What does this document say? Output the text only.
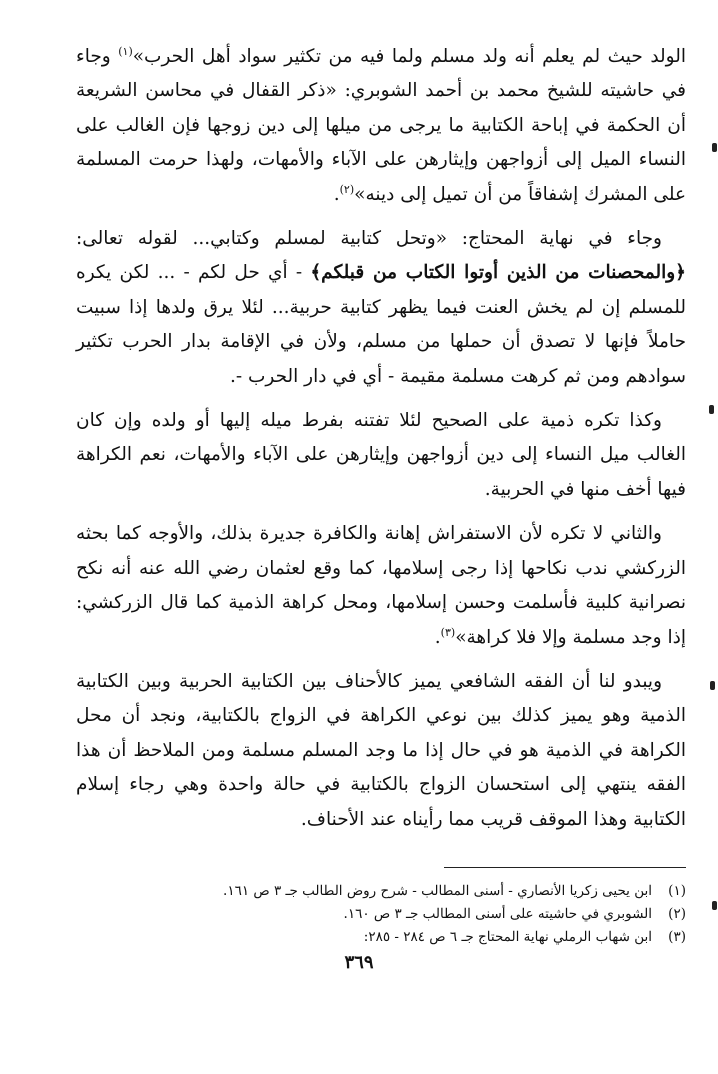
الولد حيث لم يعلم أنه ولد مسلم ولما فيه من تكثير سواد أهل الحرب»$^{(١)}$ وجاء في حاشيته للشيخ محمد بن أحمد الشوبري: «ذكر القفال في محاسن الشريعة أن الحكمة في إباحة الكتابية ما يرجى من ميلها إلى دين زوجها فإن الغالب على النساء الميل إلى أزواجهن وإيثارهن على الآباء والأمهات، ولهذا حرمت المسلمة على المشرك إشفاقاً من أن تميل إلى دينه»$^{(٢)}$.

وجاء في نهاية المحتاج: «وتحل كتابية لمسلم وكتابي... لقوله تعالى: ﴿والمحصنات من الذين أوتوا الكتاب من قبلكم﴾ - أي حل لكم - ... لكن يكره للمسلم إن لم يخش العنت فيما يظهر كتابية حربية... لئلا يرق ولدها إذا سبيت حاملاً فإنها لا تصدق أن حملها من مسلم، ولأن في الإقامة بدار الحرب تكثير سوادهم ومن ثم كرهت مسلمة مقيمة - أي في دار الحرب -.

وكذا تكره ذمية على الصحيح لئلا تفتنه بفرط ميله إليها أو ولده وإن كان الغالب ميل النساء إلى دين أزواجهن وإيثارهن على الآباء والأمهات، نعم الكراهة فيها أخف منها في الحربية.

والثاني لا تكره لأن الاستفراش إهانة والكافرة جديرة بذلك، والأوجه كما بحثه الزركشي ندب نكاحها إذا رجى إسلامها، كما وقع لعثمان رضي الله عنه أنه نكح نصرانية كلبية فأسلمت وحسن إسلامها، ومحل كراهة الذمية كما قال الزركشي: إذا وجد مسلمة وإلا فلا كراهة»$^{(٣)}$.

ويبدو لنا أن الفقه الشافعي يميز كالأحناف بين الكتابية الحربية وبين الكتابية الذمية وهو يميز كذلك بين نوعي الكراهة في الزواج بالكتابية، ونجد أن محل الكراهة في الذمية هو في حال إذا ما وجد المسلم مسلمة ومن الملاحظ أن هذا الفقه ينتهي إلى استحسان الزواج بالكتابية في حالة واحدة وهي رجاء إسلام الكتابية وهذا الموقف قريب مما رأيناه عند الأحناف.

(١)
ابن يحيى زكريا الأنصاري - أسنى المطالب - شرح روض الطالب جـ ٣ ص ١٦١.
(٢)
الشوبري في حاشيته على أسنى المطالب جـ ٣ ص ١٦٠.
(٣)
ابن شهاب الرملي نهاية المحتاج جـ ٦ ص ٢٨٤ - ٢٨٥:
٣٦٩
